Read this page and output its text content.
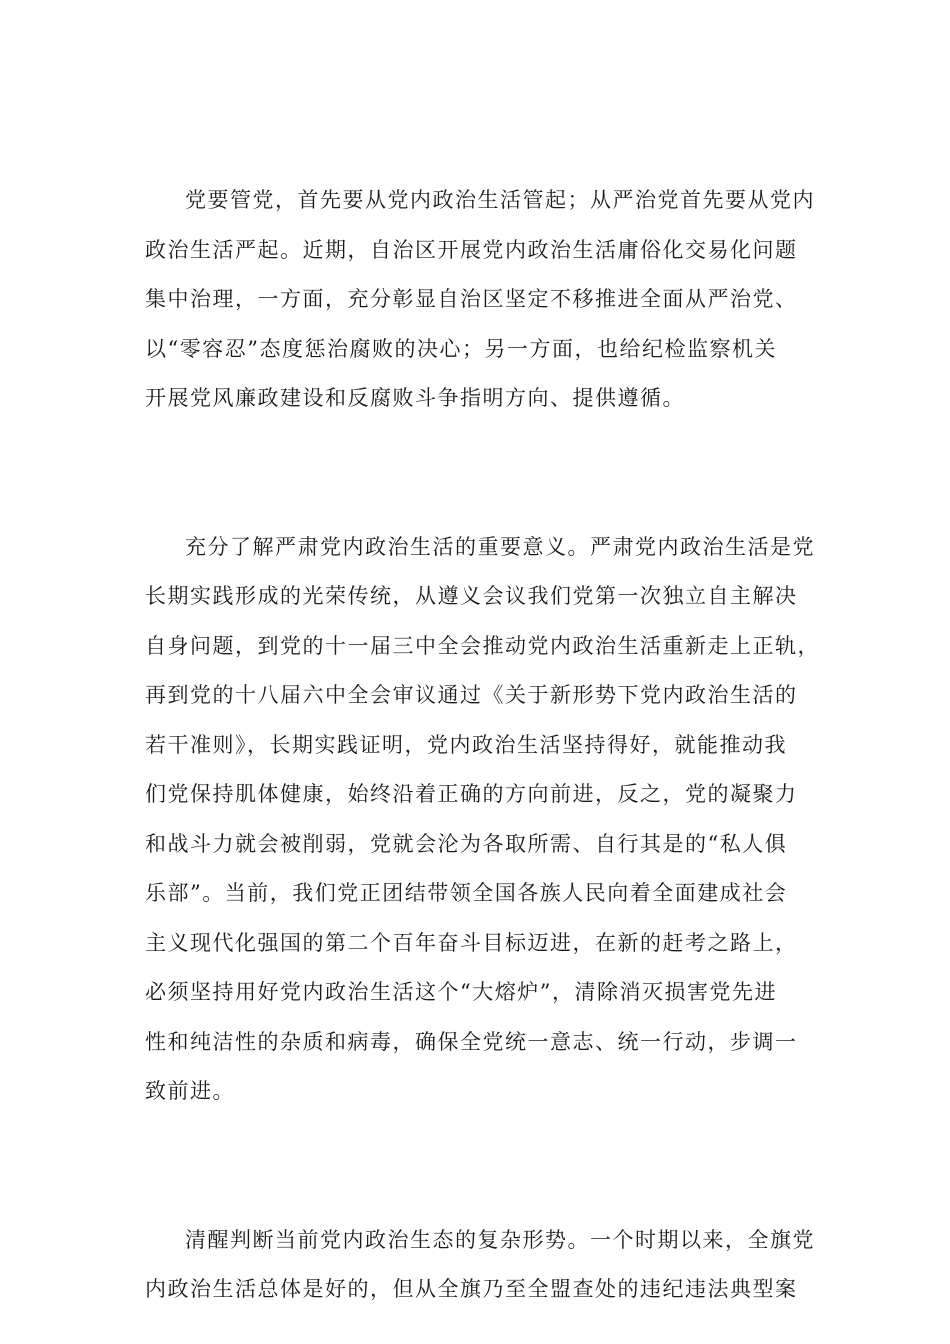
党要管党，首先要从党内政治生活管起；从严治党首先要从党内
政治生活严起。近期，自治区开展党内政治生活庸俗化交易化问题
集中治理，一方面，充分彰显自治区坚定不移推进全面从严治党、
以“零容忍”态度惩治腐败的决心；另一方面，也给纪检监察机关
开展党风廉政建设和反腐败斗争指明方向、提供遵循。

充分了解严肃党内政治生活的重要意义。严肃党内政治生活是党
长期实践形成的光荣传统，从遵义会议我们党第一次独立自主解决
自身问题，到党的十一届三中全会推动党内政治生活重新走上正轨，
再到党的十八届六中全会审议通过《关于新形势下党内政治生活的
若干准则》，长期实践证明，党内政治生活坚持得好，就能推动我
们党保持肌体健康，始终沿着正确的方向前进，反之，党的凝聚力
和战斗力就会被削弱，党就会沦为各取所需、自行其是的“私人俱
乐部”。当前，我们党正团结带领全国各族人民向着全面建成社会
主义现代化强国的第二个百年奋斗目标迈进，在新的赶考之路上，
必须坚持用好党内政治生活这个“大熔炉”，清除消灭损害党先进
性和纯洁性的杂质和病毒，确保全党统一意志、统一行动，步调一
致前进。

清醒判断当前党内政治生态的复杂形势。一个时期以来，全旗党
内政治生活总体是好的，但从全旗乃至全盟查处的违纪违法典型案
